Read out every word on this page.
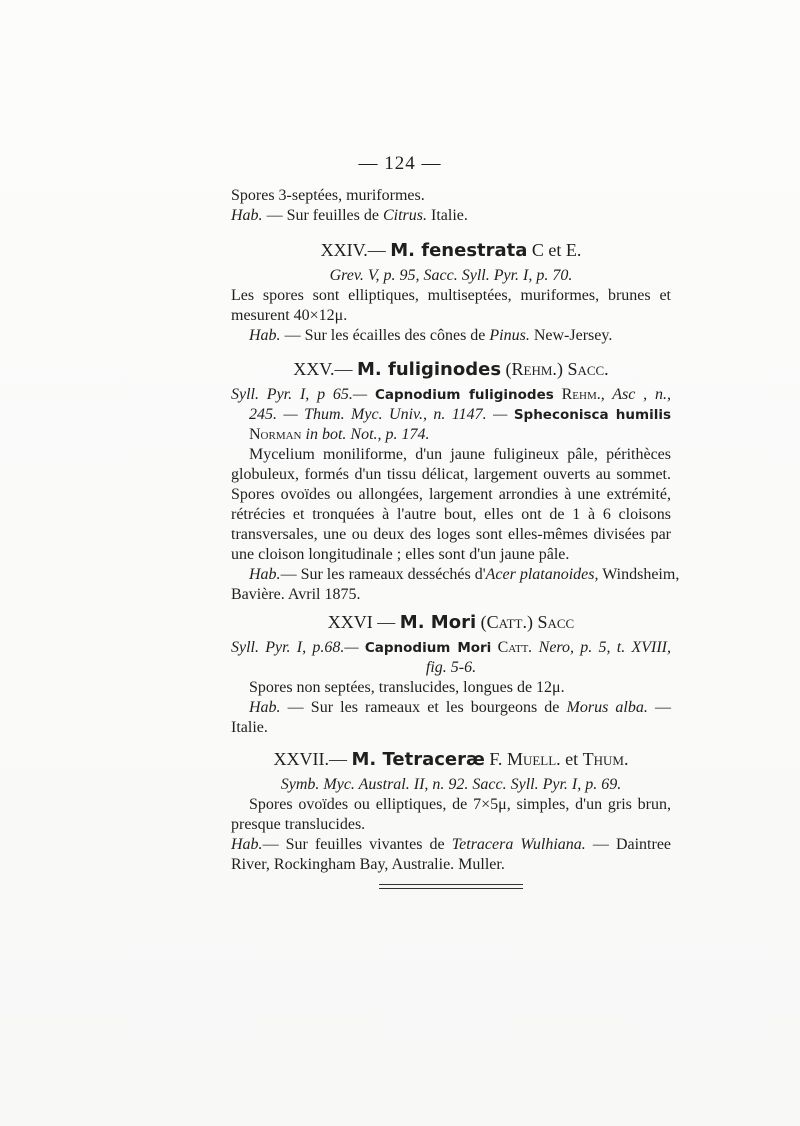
— 124 —
Spores 3-septées, muriformes.
Hab. — Sur feuilles de Citrus. Italie.
XXIV.— M. fenestrata C et E.
Grev. V, p. 95, Sacc. Syll. Pyr. I, p. 70.
Les spores sont elliptiques, multiseptées, muriformes, brunes et
mesurent 40×12μ.
Hab. — Sur les écailles des cônes de Pinus. New-Jersey.
XXV.— M. fuliginodes (Rehm.) Sacc.
Syll. Pyr. I, p 65.— Capnodium fuliginodes Rehm., Asc , n.,
245. — Thum. Myc. Univ., n. 1147. — Spheconisca humilis
Norman in bot. Not., p. 174.
Mycelium moniliforme, d'un jaune fuligineux pâle, périthèces
globuleux, formés d'un tissu délicat, largement ouverts au sommet.
Spores ovoïdes ou allongées, largement arrondies à une extrémité,
rétrécies et tronquées à l'autre bout, elles ont de 1 à 6 cloisons
transversales, une ou deux des loges sont elles-mêmes divisées par
une cloison longitudinale ; elles sont d'un jaune pâle.
Hab.— Sur les rameaux desséchés d'Acer platanoides, Windsheim,
Bavière. Avril 1875.
XXVI — M. Mori (Catt.) Sacc
Syll. Pyr. I, p.68.— Capnodium Mori Catt. Nero, p. 5, t. XVIII,
fig. 5-6.
Spores non septées, translucides, longues de 12μ.
Hab. — Sur les rameaux et les bourgeons de Morus alba. —
Italie.
XXVII.— M. Tetraceræ F. Muell. et Thum.
Symb. Myc. Austral. II, n. 92. Sacc. Syll. Pyr. I, p. 69.
Spores ovoïdes ou elliptiques, de 7×5μ, simples, d'un gris brun,
presque translucides.
Hab.— Sur feuilles vivantes de Tetracera Wulhiana. — Daintree
River, Rockingham Bay, Australie. Muller.
